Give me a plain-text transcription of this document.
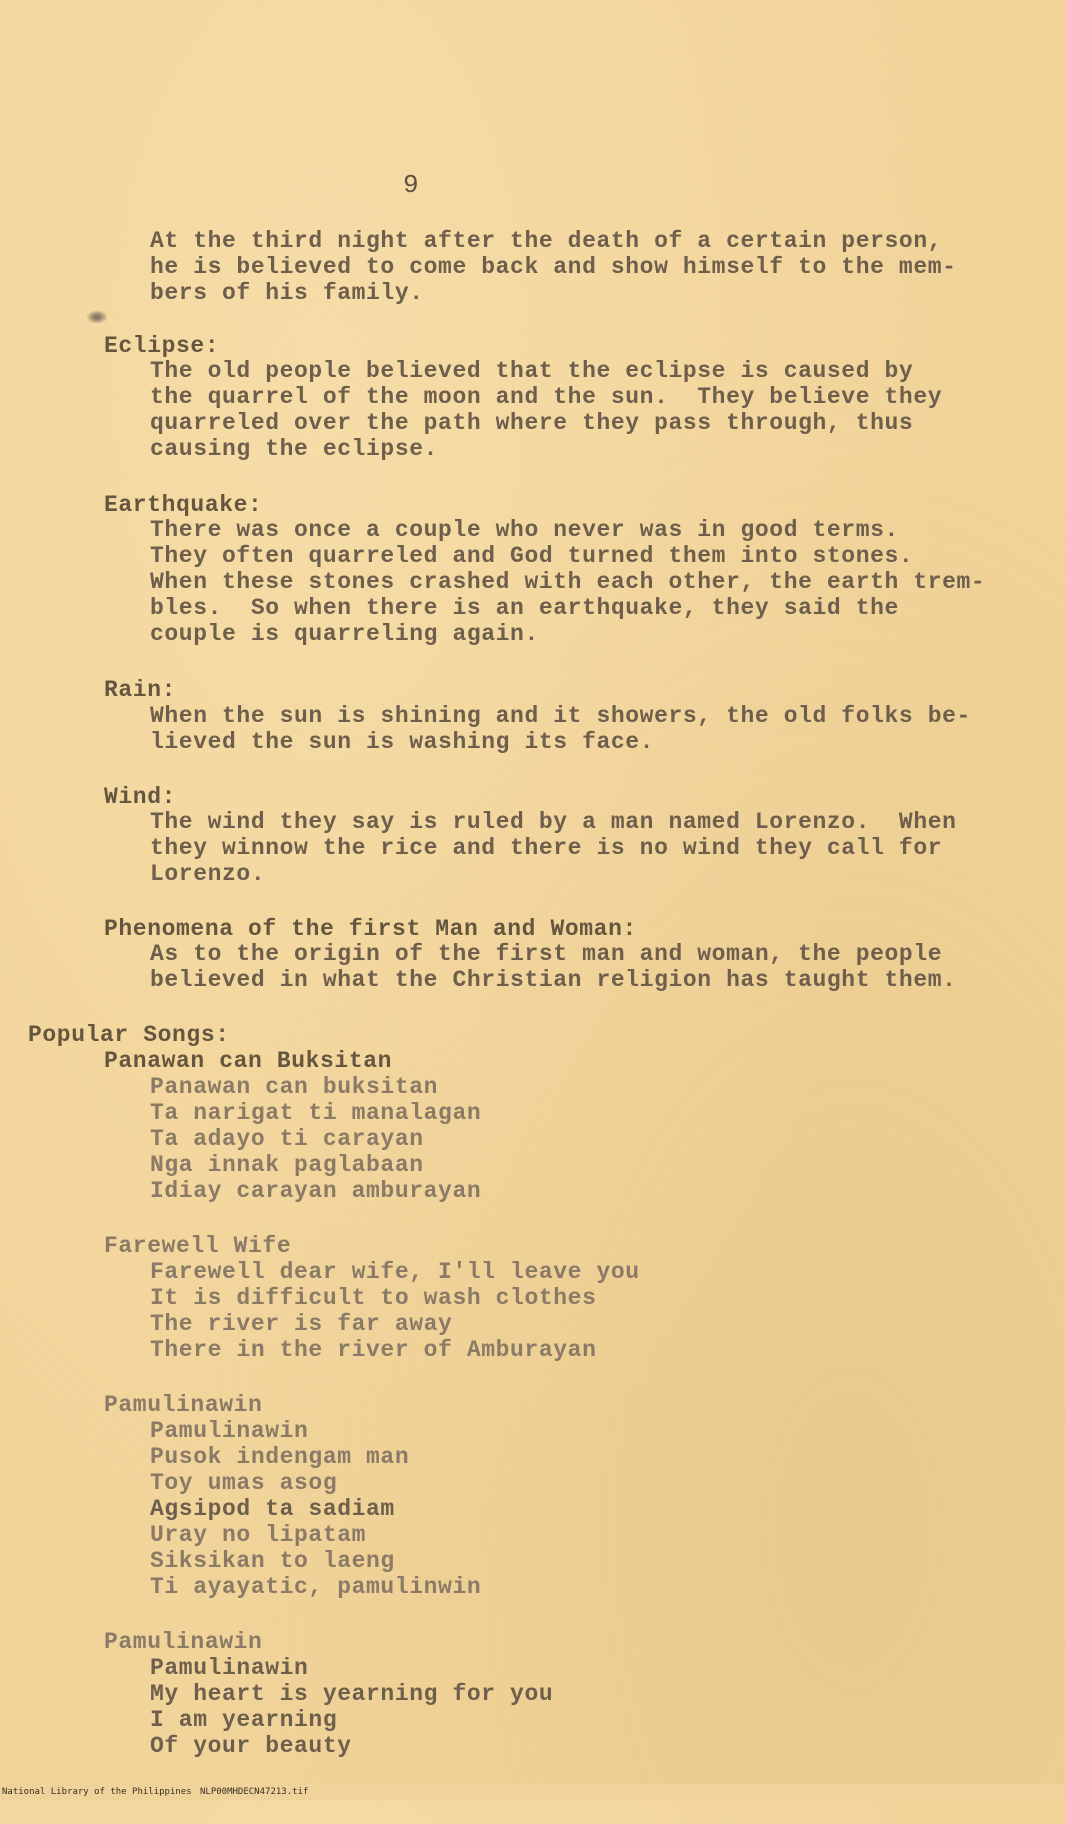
9
At the third night after the death of a certain person,
he is believed to come back and show himself to the mem-
bers of his family.
Eclipse:
The old people believed that the eclipse is caused by
the quarrel of the moon and the sun.  They believe they
quarreled over the path where they pass through, thus
causing the eclipse.
Earthquake:
There was once a couple who never was in good terms.
They often quarreled and God turned them into stones.
When these stones crashed with each other, the earth trem-
bles.  So when there is an earthquake, they said the
couple is quarreling again.
Rain:
When the sun is shining and it showers, the old folks be-
lieved the sun is washing its face.
Wind:
The wind they say is ruled by a man named Lorenzo.  When
they winnow the rice and there is no wind they call for
Lorenzo.
Phenomena of the first Man and Woman:
As to the origin of the first man and woman, the people
believed in what the Christian religion has taught them.
Popular Songs:
Panawan can Buksitan
Panawan can buksitan
Ta narigat ti manalagan
Ta adayo ti carayan
Nga innak paglabaan
Idiay carayan amburayan
Farewell Wife
Farewell dear wife, I'll leave you
It is difficult to wash clothes
The river is far away
There in the river of Amburayan
Pamulinawin
Pamulinawin
Pusok indengam man
Toy umas asog
Agsipod ta sadiam
Uray no lipatam
Siksikan to laeng
Ti ayayatic, pamulinwin
Pamulinawin
Pamulinawin
My heart is yearning for you
I am yearning
Of your beauty

National Library of the Philippines

NLP00MHDECN47213.tif
